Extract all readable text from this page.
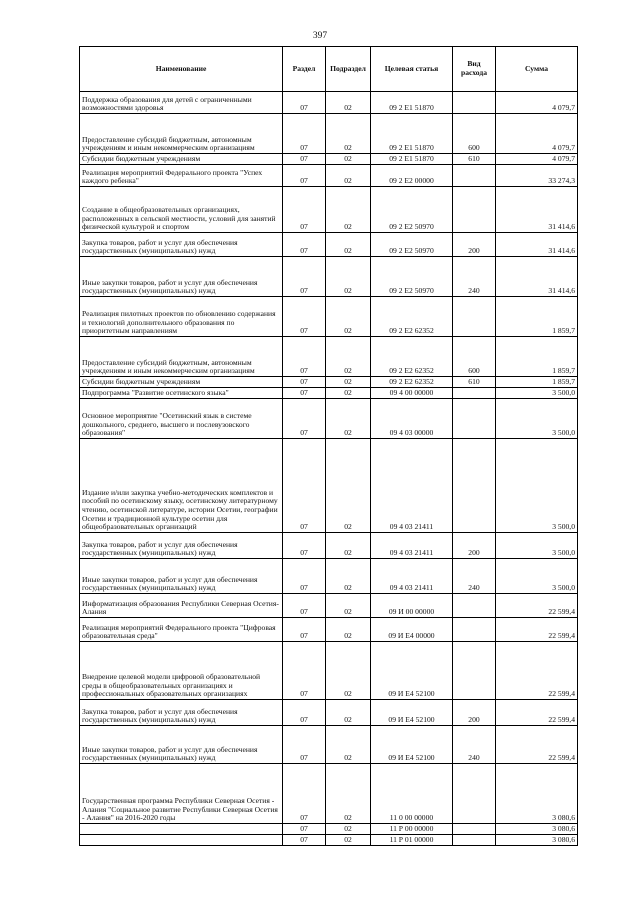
397
Наименование	Раздел	Подраздел	Целевая статья	Вид расхода	Сумма
Поддержка образования для детей с ограниченными возможностями здоровья	07	02	09 2 E1 51870		4 079,7
Предоставление субсидий бюджетным, автономным учреждениям и иным некоммерческим организациям	07	02	09 2 E1 51870	600	4 079,7
Субсидии бюджетным учреждениям	07	02	09 2 E1 51870	610	4 079,7
Реализация мероприятий Федерального проекта "Успех каждого ребенка"	07	02	09 2 E2 00000		33 274,3
Создание в общеобразовательных организациях, расположенных в сельской местности, условий для занятий физической культурой и спортом	07	02	09 2 E2 50970		31 414,6
Закупка товаров, работ и услуг для обеспечения государственных (муниципальных) нужд	07	02	09 2 E2 50970	200	31 414,6
Иные закупки товаров, работ и услуг для обеспечения государственных (муниципальных) нужд	07	02	09 2 E2 50970	240	31 414,6
Реализация пилотных проектов по обновлению содержания и технологий дополнительного образования по приоритетным направлениям	07	02	09 2 E2 62352		1 859,7
Предоставление субсидий бюджетным, автономным учреждениям и иным некоммерческим организациям	07	02	09 2 E2 62352	600	1 859,7
Субсидии бюджетным учреждениям	07	02	09 2 E2 62352	610	1 859,7
Подпрограмма "Развитие осетинского языка"	07	02	09 4 00 00000		3 500,0
Основное мероприятие "Осетинский язык в системе дошкольного, среднего, высшего и послевузовского образования"	07	02	09 4 03 00000		3 500,0
Издание и/или закупка учебно-методических комплектов и пособий по осетинскому языку, осетинскому литературному чтению, осетинской литературе, истории Осетии, географии Осетии и традиционной культуре осетин для общеобразовательных организаций	07	02	09 4 03 21411		3 500,0
Закупка товаров, работ и услуг для обеспечения государственных (муниципальных) нужд	07	02	09 4 03 21411	200	3 500,0
Иные закупки товаров, работ и услуг для обеспечения государственных (муниципальных) нужд	07	02	09 4 03 21411	240	3 500,0
Информатизация образования Республики Северная Осетия-Алания	07	02	09 И 00 00000		22 599,4
Реализация мероприятий Федерального проекта "Цифровая образовательная среда"	07	02	09 И E4 00000		22 599,4
Внедрение целевой модели цифровой образовательной среды в общеобразовательных организациях и профессиональных образовательных организациях	07	02	09 И E4 52100		22 599,4
Закупка товаров, работ и услуг для обеспечения государственных (муниципальных) нужд	07	02	09 И E4 52100	200	22 599,4
Иные закупки товаров, работ и услуг для обеспечения государственных (муниципальных) нужд	07	02	09 И E4 52100	240	22 599,4
Государственная программа Республики Северная Осетия - Алания "Социальное развитие Республики Северная Осетия - Алания" на 2016-2020 годы	07	02	11 0 00 00000		3 080,6
	07	02	11 Р 00 00000		3 080,6
	07	02	11 Р 01 00000		3 080,6
